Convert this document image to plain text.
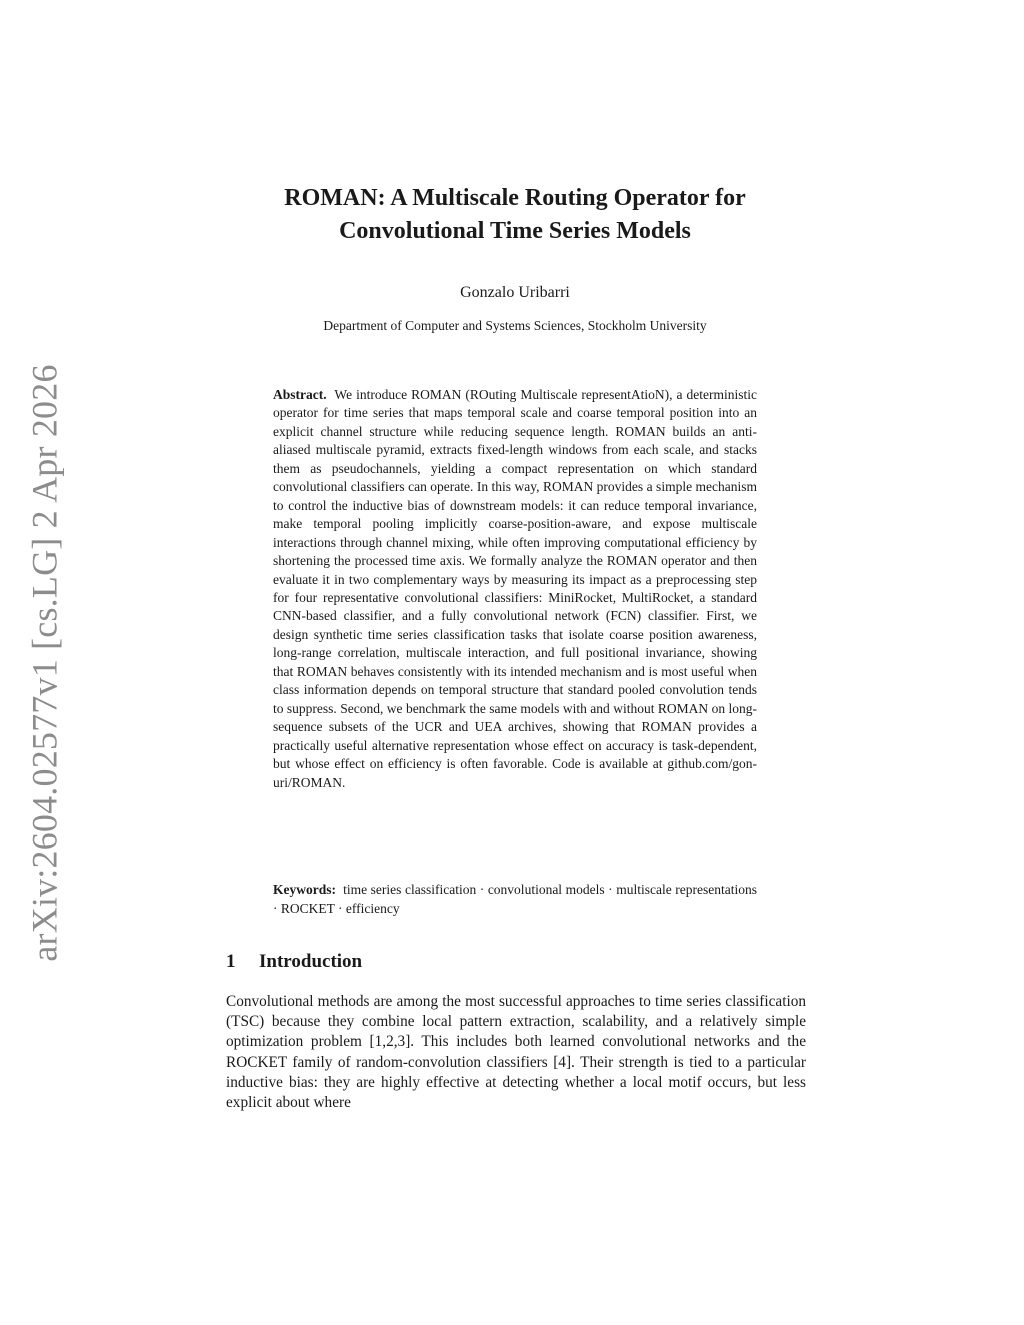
arXiv:2604.02577v1 [cs.LG] 2 Apr 2026
ROMAN: A Multiscale Routing Operator for
Convolutional Time Series Models
Gonzalo Uribarri
Department of Computer and Systems Sciences, Stockholm University

Abstract. We introduce ROMAN (ROuting Multiscale representAtioN), a deterministic operator for time series that maps temporal scale and coarse temporal position into an explicit channel structure while reducing sequence length. ROMAN builds an anti-aliased multiscale pyramid, extracts fixed-length windows from each scale, and stacks them as pseudochannels, yielding a compact representation on which standard convolutional classifiers can operate. In this way, ROMAN provides a simple mechanism to control the inductive bias of downstream models: it can reduce temporal invariance, make temporal pooling implicitly coarse-position-aware, and expose multiscale interactions through channel mixing, while often improving computational efficiency by shortening the processed time axis. We formally analyze the ROMAN operator and then evaluate it in two complementary ways by measuring its impact as a preprocessing step for four representative convolutional classifiers: MiniRocket, MultiRocket, a standard CNN-based classifier, and a fully convolutional network (FCN) classifier. First, we design synthetic time series classification tasks that isolate coarse position awareness, long-range correlation, multiscale interaction, and full positional invariance, showing that ROMAN behaves consistently with its intended mechanism and is most useful when class information depends on temporal structure that standard pooled convolution tends to suppress. Second, we benchmark the same models with and without ROMAN on long-sequence subsets of the UCR and UEA archives, showing that ROMAN provides a practically useful alternative representation whose effect on accuracy is task-dependent, but whose effect on efficiency is often favorable. Code is available at github.com/gon-uri/ROMAN.

Keywords: time series classification · convolutional models · multiscale representations · ROCKET · efficiency

1 Introduction

Convolutional methods are among the most successful approaches to time series classification (TSC) because they combine local pattern extraction, scalability, and a relatively simple optimization problem [1,2,3]. This includes both learned convolutional networks and the ROCKET family of random-convolution classifiers [4]. Their strength is tied to a particular inductive bias: they are highly effective at detecting whether a local motif occurs, but less explicit about where
